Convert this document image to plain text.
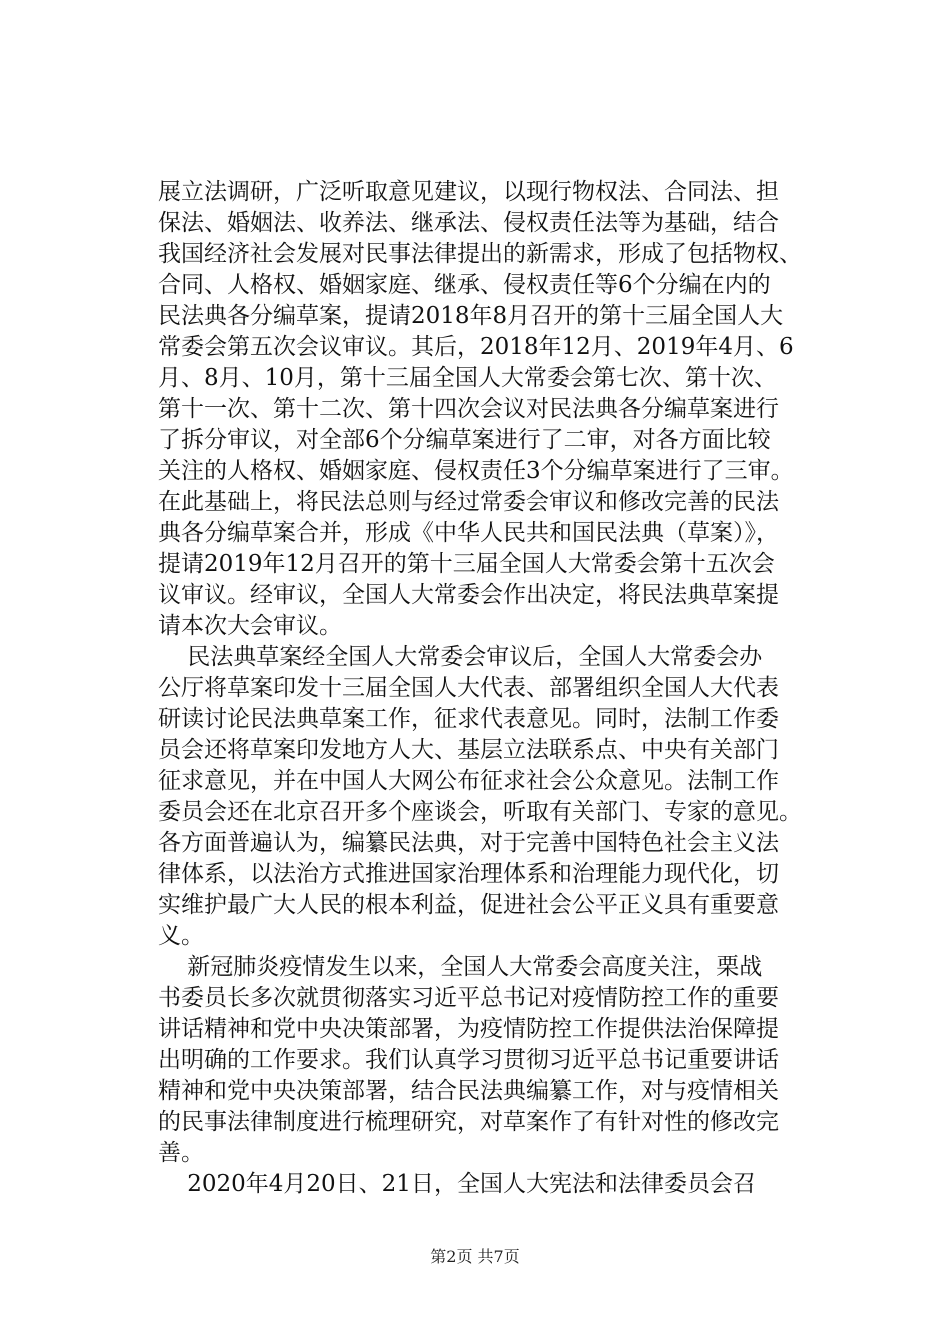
展立法调研，广泛听取意见建议，以现行物权法、合同法、担
保法、婚姻法、收养法、继承法、侵权责任法等为基础，结合
我国经济社会发展对民事法律提出的新需求，形成了包括物权、
合同、人格权、婚姻家庭、继承、侵权责任等6个分编在内的
民法典各分编草案，提请2018年8月召开的第十三届全国人大
常委会第五次会议审议。其后，2018年12月、2019年4月、6
月、8月、10月，第十三届全国人大常委会第七次、第十次、
第十一次、第十二次、第十四次会议对民法典各分编草案进行
了拆分审议，对全部6个分编草案进行了二审，对各方面比较
关注的人格权、婚姻家庭、侵权责任3个分编草案进行了三审。
在此基础上，将民法总则与经过常委会审议和修改完善的民法
典各分编草案合并，形成《中华人民共和国民法典（草案）》，
提请2019年12月召开的第十三届全国人大常委会第十五次会
议审议。经审议，全国人大常委会作出决定，将民法典草案提
请本次大会审议。
民法典草案经全国人大常委会审议后，全国人大常委会办
公厅将草案印发十三届全国人大代表、部署组织全国人大代表
研读讨论民法典草案工作，征求代表意见。同时，法制工作委
员会还将草案印发地方人大、基层立法联系点、中央有关部门
征求意见，并在中国人大网公布征求社会公众意见。法制工作
委员会还在北京召开多个座谈会，听取有关部门、专家的意见。
各方面普遍认为，编纂民法典，对于完善中国特色社会主义法
律体系，以法治方式推进国家治理体系和治理能力现代化，切
实维护最广大人民的根本利益，促进社会公平正义具有重要意
义。
新冠肺炎疫情发生以来，全国人大常委会高度关注，栗战
书委员长多次就贯彻落实习近平总书记对疫情防控工作的重要
讲话精神和党中央决策部署，为疫情防控工作提供法治保障提
出明确的工作要求。我们认真学习贯彻习近平总书记重要讲话
精神和党中央决策部署，结合民法典编纂工作，对与疫情相关
的民事法律制度进行梳理研究，对草案作了有针对性的修改完
善。
2020年4月20日、21日，全国人大宪法和法律委员会召
第2页 共7页
